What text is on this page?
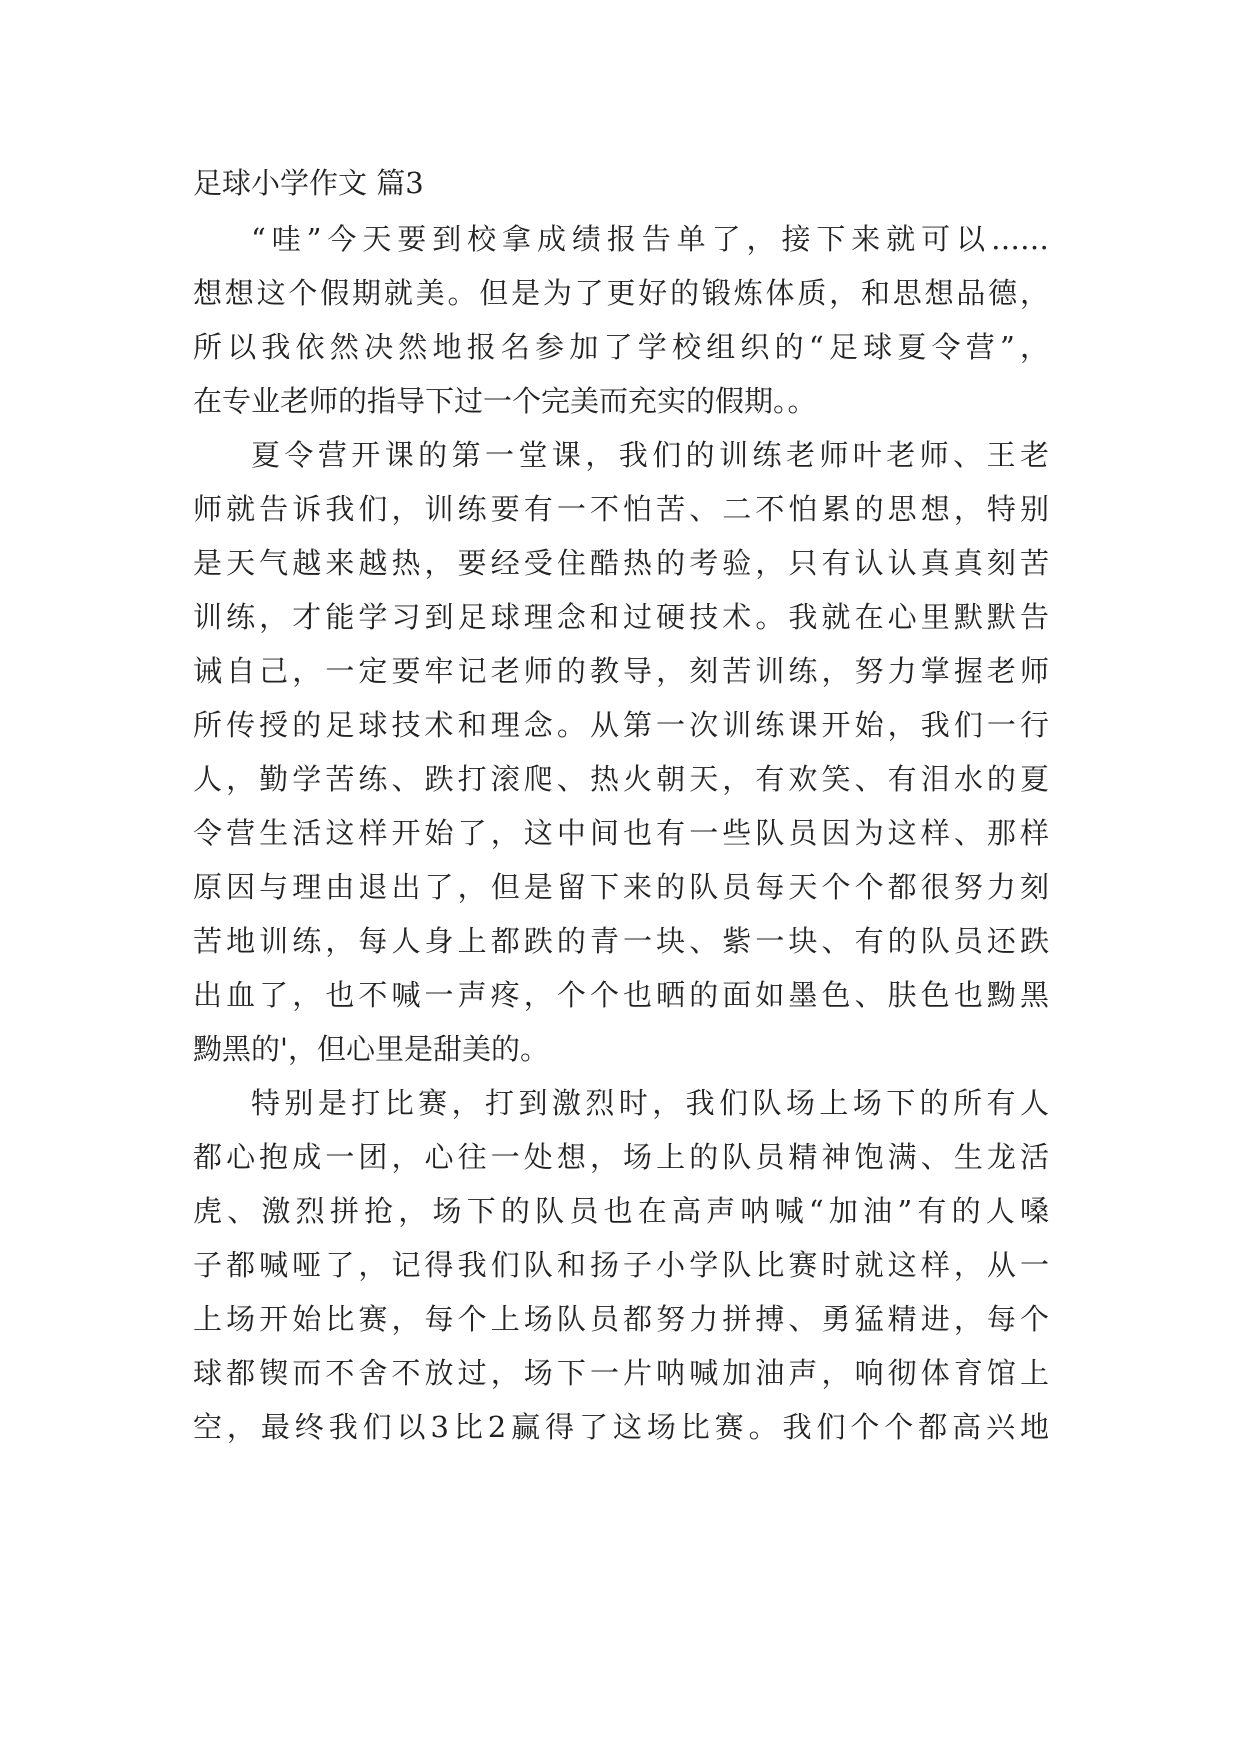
足球小学作文 篇3
“哇”今天要到校拿成绩报告单了，接下来就可以……
想想这个假期就美。但是为了更好的锻炼体质，和思想品德，
所以我依然决然地报名参加了学校组织的“足球夏令营”，
在专业老师的指导下过一个完美而充实的假期。。
夏令营开课的第一堂课，我们的训练老师叶老师、王老
师就告诉我们，训练要有一不怕苦、二不怕累的思想，特别
是天气越来越热，要经受住酷热的考验，只有认认真真刻苦
训练，才能学习到足球理念和过硬技术。我就在心里默默告
诫自己，一定要牢记老师的教导，刻苦训练，努力掌握老师
所传授的足球技术和理念。从第一次训练课开始，我们一行
人，勤学苦练、跌打滚爬、热火朝天，有欢笑、有泪水的夏
令营生活这样开始了，这中间也有一些队员因为这样、那样
原因与理由退出了，但是留下来的队员每天个个都很努力刻
苦地训练，每人身上都跌的青一块、紫一块、有的队员还跌
出血了，也不喊一声疼，个个也晒的面如墨色、肤色也黝黑
黝黑的'，但心里是甜美的。
特别是打比赛，打到激烈时，我们队场上场下的所有人
都心抱成一团，心往一处想，场上的队员精神饱满、生龙活
虎、激烈拼抢，场下的队员也在高声呐喊“加油”有的人嗓
子都喊哑了，记得我们队和扬子小学队比赛时就这样，从一
上场开始比赛，每个上场队员都努力拼搏、勇猛精进，每个
球都锲而不舍不放过，场下一片呐喊加油声，响彻体育馆上
空，最终我们以3比2赢得了这场比赛。我们个个都高兴地
